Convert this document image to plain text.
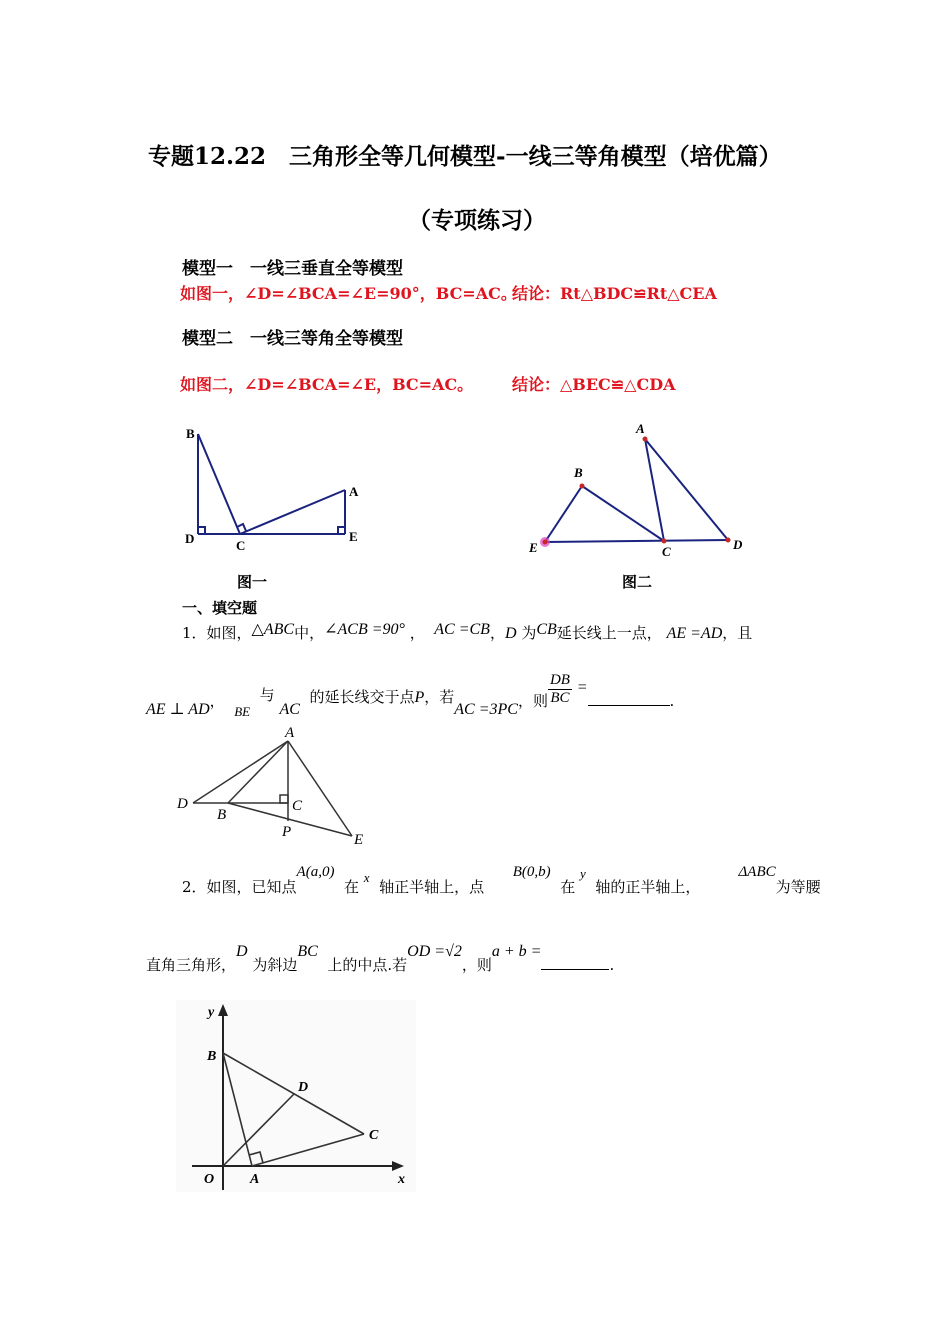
专题12.22　三角形全等几何模型-一线三等角模型（培优篇）
（专项练习）
模型一　一线三垂直全等模型
如图一，∠D=∠BCA=∠E=90°，BC=AC。
结论：Rt△BDC≌Rt△CEA
模型二　一线三等角全等模型
如图二，∠D=∠BCA=∠E，BC=AC。 结论：△BEC≌△CDA
B
D	C
A
E
图一
A
B
E	C	D
图二
一、填空题
1．如图，△ABC中，∠ACB =90° ， AC =CB，D 为CB延长线上一点， AE =AD，且
AE ⊥ AD，  BE  与 AC  的延长线交于点P，若AC =3PC，则 $\frac{DB}{BC}$ =.
A
D
B
C
P	E
2．如图，已知点A(a,0)  在 x  轴正半轴上，点      B(0,b)  在 y  轴的正半轴上，        ΔABC为等腰
直角三角形，D 为斜边BC  上的中点.若OD =√2，则a + b =.
y
B
D
C
O	A	x
